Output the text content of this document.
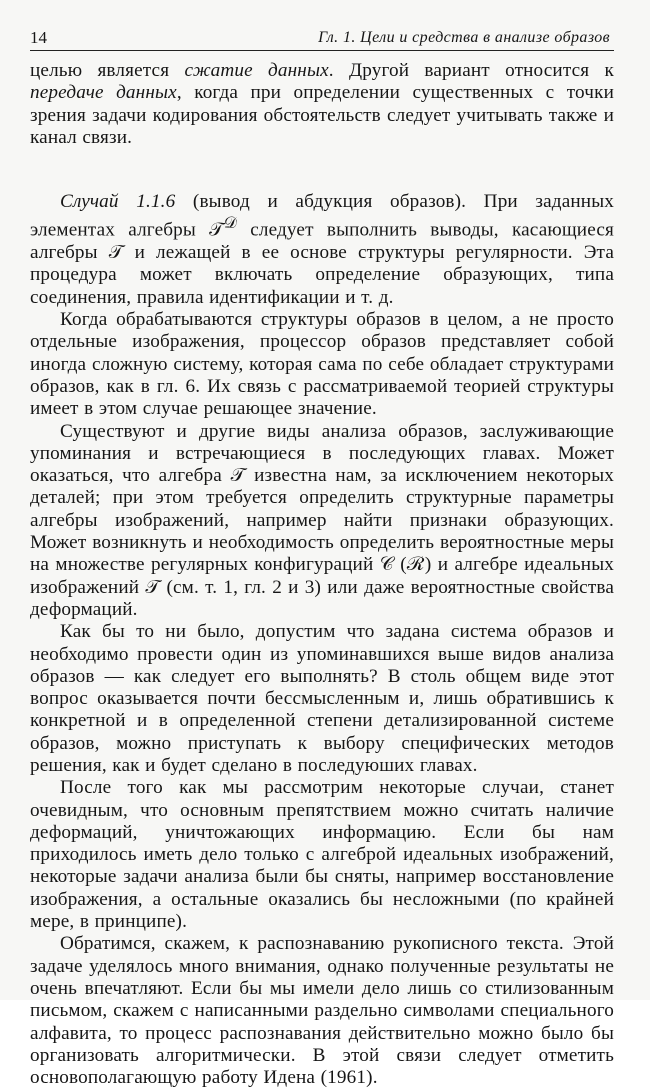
14	Гл. 1. Цели и средства в анализе образов

целью является сжатие данных. Другой вариант относится к передаче данных, когда при определении существенных с точки зрения задачи кодирования обстоятельств следует учитывать также и канал связи.

Случай 1.1.6 (вывод и абдукция образов). При заданных элементах алгебры 𝒯$^𝒟$ следует выполнить выводы, касающиеся алгебры 𝒯 и лежащей в ее основе структуры регулярности. Эта процедура может включать определение образующих, типа соединения, правила идентификации и т. д.

Когда обрабатываются структуры образов в целом, а не просто отдельные изображения, процессор образов представляет собой иногда сложную систему, которая сама по себе обладает структурами образов, как в гл. 6. Их связь с рассматриваемой теорией структуры имеет в этом случае решающее значение.

Существуют и другие виды анализа образов, заслуживающие упоминания и встречающиеся в последующих главах. Может оказаться, что алгебра 𝒯 известна нам, за исключением некоторых деталей; при этом требуется определить структурные параметры алгебры изображений, например найти признаки образующих. Может возникнуть и необходимость определить вероятностные меры на множестве регулярных конфигураций 𝒞 (ℛ) и алгебре идеальных изображений 𝒯 (см. т. 1, гл. 2 и 3) или даже вероятностные свойства деформаций.

Как бы то ни было, допустим что задана система образов и необходимо провести один из упоминавшихся выше видов анализа образов — как следует его выполнять? В столь общем виде этот вопрос оказывается почти бессмысленным и, лишь обратившись к конкретной и в определенной степени детализированной системе образов, можно приступать к выбору специфических методов решения, как и будет сделано в последуюших главах.

После того как мы рассмотрим некоторые случаи, станет очевидным, что основным препятствием можно считать наличие деформаций, уничтожающих информацию. Если бы нам приходилось иметь дело только с алгеброй идеальных изображений, некоторые задачи анализа были бы сняты, например восстановление изображения, а остальные оказались бы несложными (по крайней мере, в принципе).

Обратимся, скажем, к распознаванию рукописного текста. Этой задаче уделялось много внимания, однако полученные результаты не очень впечатляют. Если бы мы имели дело лишь со стилизованным письмом, скажем с написанными раздельно символами специального алфавита, то процесс распознавания действительно можно было бы организовать алгоритмически. В этой связи следует отметить основополагающую работу Идена (1961).
